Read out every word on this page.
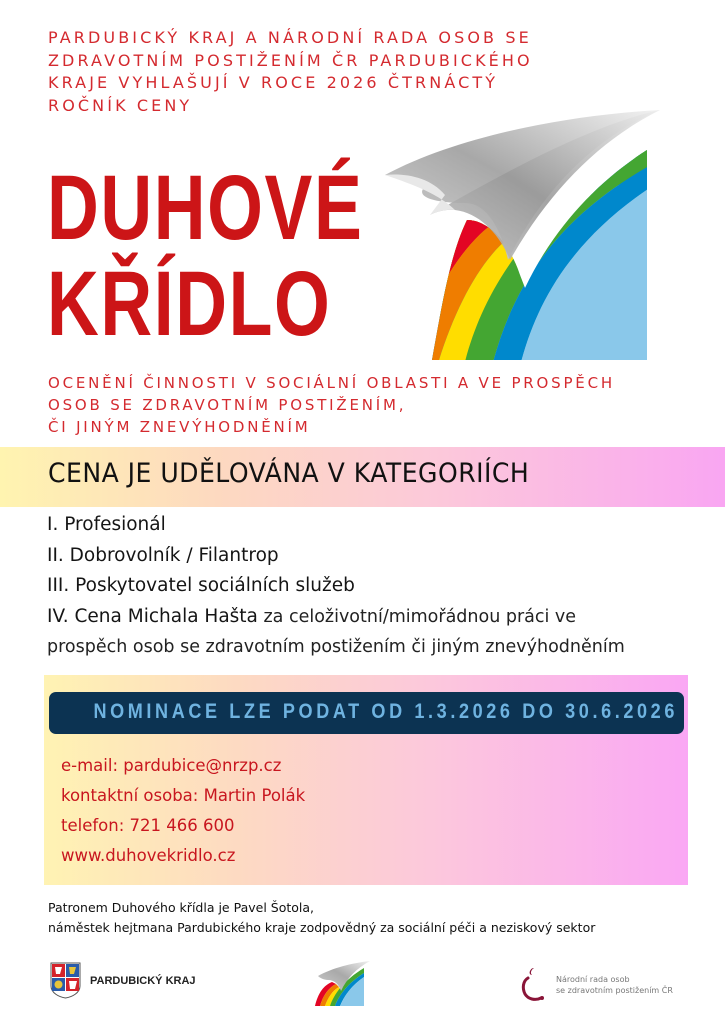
PARDUBICKÝ KRAJ A NÁRODNÍ RADA OSOB SE
ZDRAVOTNÍM POSTIŽENÍM ČR PARDUBICKÉHO
KRAJE VYHLAŠUJÍ V ROCE 2026 ČTRNÁCTÝ
ROČNÍK CENY
DUHOVÉ
KŘÍDLO
OCENĚNÍ ČINNOSTI V SOCIÁLNÍ OBLASTI A VE PROSPĚCH
OSOB SE ZDRAVOTNÍM POSTIŽENÍM,
ČI JINÝM ZNEVÝHODNĚNÍM
CENA JE UDĚLOVÁNA V KATEGORIÍCH
I. Profesionál
II. Dobrovolník / Filantrop
III. Poskytovatel sociálních služeb
IV. Cena Michala Hašta za celoživotní/mimořádnou práci ve
prospěch osob se zdravotním postižením či jiným znevýhodněním
NOMINACE LZE PODAT OD 1.3.2026 DO 30.6.2026
e-mail: pardubice@nrzp.cz
kontaktní osoba: Martin Polák
telefon: 721 466 600
www.duhovekridlo.cz
Patronem Duhového křídla je Pavel Šotola,
náměstek hejtmana Pardubického kraje zodpovědný za sociální péči a neziskový sektor
PARDUBICKÝ KRAJ	Národní rada osob
se zdravotním postižením ČR
